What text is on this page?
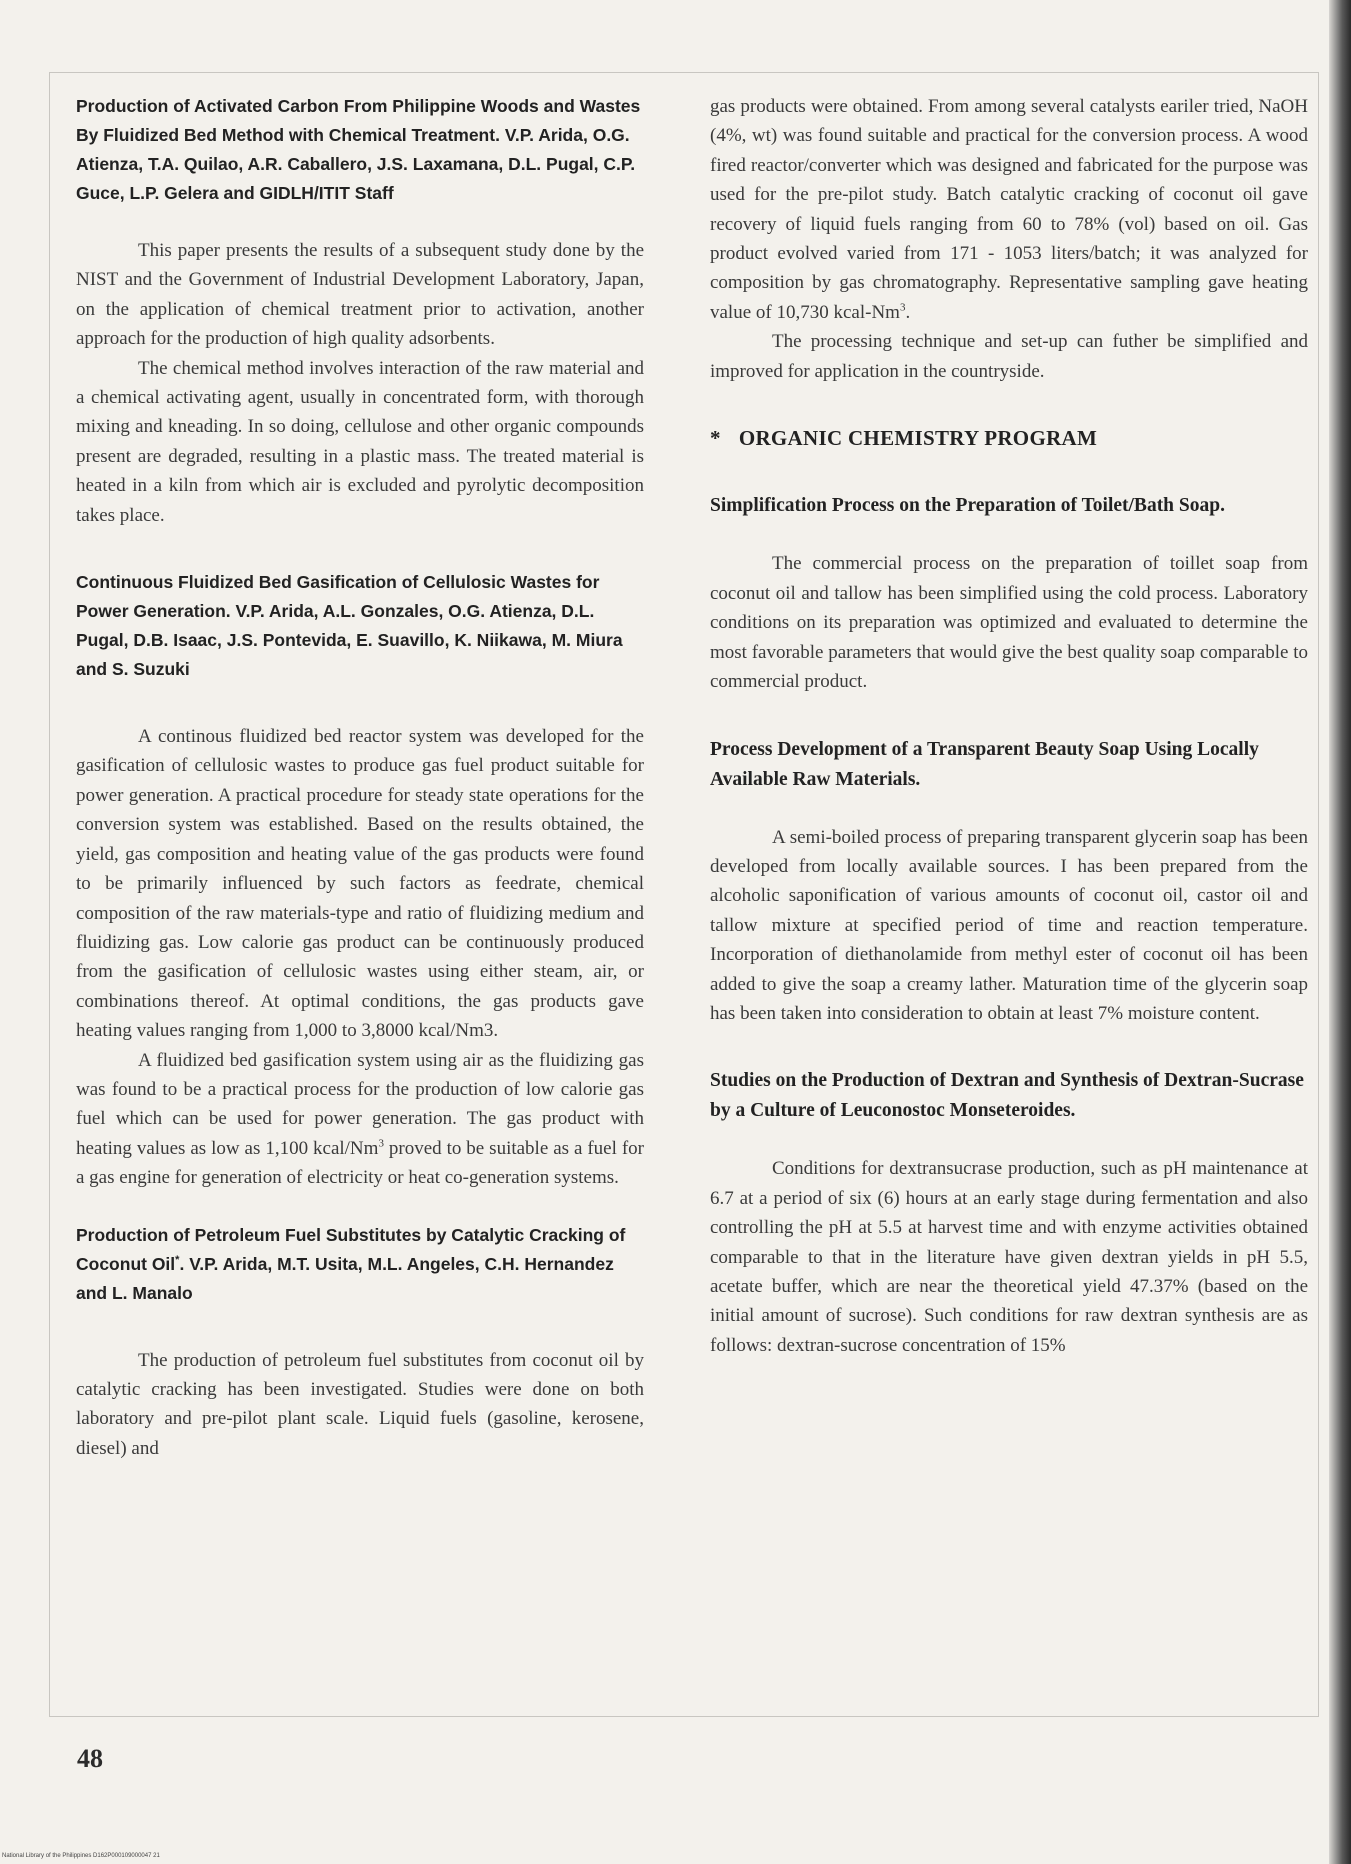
Production of Activated Carbon From Philippine Woods and Wastes By Fluidized Bed Method with Chemical Treatment. V.P. Arida, O.G. Atienza, T.A. Quilao, A.R. Caballero, J.S. Laxamana, D.L. Pugal, C.P. Guce, L.P. Gelera and GIDLH/ITIT Staff

This paper presents the results of a subsequent study done by the NIST and the Government of Industrial Development Laboratory, Japan, on the application of chemical treatment prior to activation, another approach for the production of high quality adsorbents.

The chemical method involves interaction of the raw material and a chemical activating agent, usually in concentrated form, with thorough mixing and kneading. In so doing, cellulose and other organic compounds present are degraded, resulting in a plastic mass. The treated material is heated in a kiln from which air is excluded and pyrolytic decomposition takes place.

Continuous Fluidized Bed Gasification of Cellulosic Wastes for Power Generation. V.P. Arida, A.L. Gonzales, O.G. Atienza, D.L. Pugal, D.B. Isaac, J.S. Pontevida, E. Suavillo, K. Niikawa, M. Miura and S. Suzuki

A continous fluidized bed reactor system was developed for the gasification of cellulosic wastes to produce gas fuel product suitable for power generation. A practical procedure for steady state operations for the conversion system was established. Based on the results obtained, the yield, gas composition and heating value of the gas products were found to be primarily influenced by such factors as feedrate, chemical composition of the raw materials-type and ratio of fluidizing medium and fluidizing gas. Low calorie gas product can be continuously produced from the gasification of cellulosic wastes using either steam, air, or combinations thereof. At optimal conditions, the gas products gave heating values ranging from 1,000 to 3,8000 kcal/Nm3.

A fluidized bed gasification system using air as the fluidizing gas was found to be a practical process for the production of low calorie gas fuel which can be used for power generation. The gas product with heating values as low as 1,100 kcal/Nm$^3$ proved to be suitable as a fuel for a gas engine for generation of electricity or heat co-generation systems.

Production of Petroleum Fuel Substitutes by Catalytic Cracking of Coconut Oil*. V.P. Arida, M.T. Usita, M.L. Angeles, C.H. Hernandez and L. Manalo

The production of petroleum fuel substitutes from coconut oil by catalytic cracking has been investigated. Studies were done on both laboratory and pre-pilot plant scale. Liquid fuels (gasoline, kerosene, diesel) and

gas products were obtained. From among several catalysts eariler tried, NaOH (4%, wt) was found suitable and practical for the conversion process. A wood fired reactor/converter which was designed and fabricated for the purpose was used for the pre-pilot study. Batch catalytic cracking of coconut oil gave recovery of liquid fuels ranging from 60 to 78% (vol) based on oil. Gas product evolved varied from 171 - 1053 liters/batch; it was analyzed for composition by gas chromatography. Representative sampling gave heating value of 10,730 kcal-Nm$^3$.

The processing technique and set-up can futher be simplified and improved for application in the countryside.

* ORGANIC CHEMISTRY PROGRAM

Simplification Process on the Preparation of Toilet/Bath Soap.

The commercial process on the preparation of toillet soap from coconut oil and tallow has been simplified using the cold process. Laboratory conditions on its preparation was optimized and evaluated to determine the most favorable parameters that would give the best quality soap comparable to commercial product.

Process Development of a Transparent Beauty Soap Using Locally Available Raw Materials.

A semi-boiled process of preparing transparent glycerin soap has been developed from locally available sources. I has been prepared from the alcoholic saponification of various amounts of coconut oil, castor oil and tallow mixture at specified period of time and reaction temperature. Incorporation of diethanolamide from methyl ester of coconut oil has been added to give the soap a creamy lather. Maturation time of the glycerin soap has been taken into consideration to obtain at least 7% moisture content.

Studies on the Production of Dextran and Synthesis of Dextran-Sucrase by a Culture of Leuconostoc Monseteroides.

Conditions for dextransucrase production, such as pH maintenance at 6.7 at a period of six (6) hours at an early stage during fermentation and also controlling the pH at 5.5 at harvest time and with enzyme activities obtained comparable to that in the literature have given dextran yields in pH 5.5, acetate buffer, which are near the theoretical yield 47.37% (based on the initial amount of sucrose). Such conditions for raw dextran synthesis are as follows: dextran-sucrose concentration of 15%

48
National Library of the Philippines D162P000109000047 21
